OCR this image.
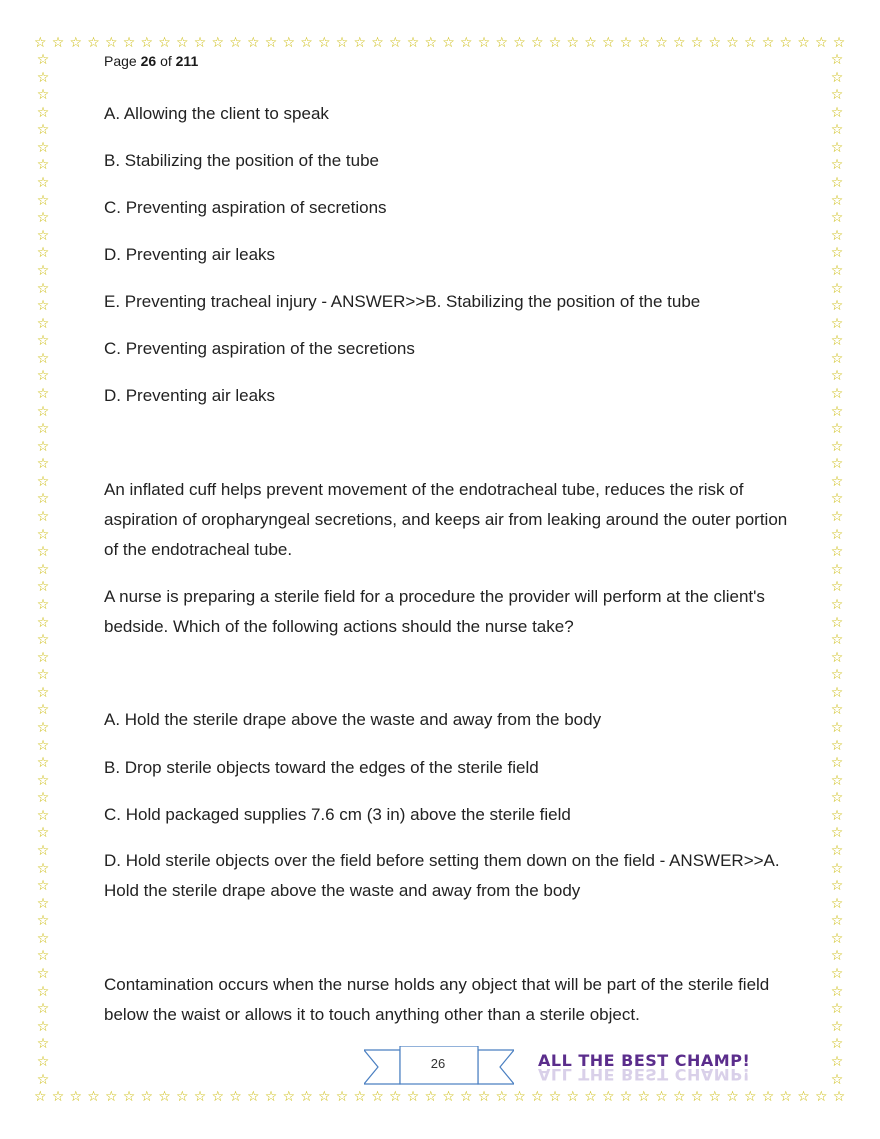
☆ ☆ ☆ ☆ ☆ ☆ ☆ ☆ ☆ ☆ ☆ ☆ ☆ ☆ ☆ ☆ ☆ ☆ ☆ ☆ ☆ ☆ ☆ ☆ ☆ ☆ ☆ ☆ ☆ ☆ ☆ ☆ ☆ ☆ ☆ ☆ ☆ ☆ ☆ ☆ ☆ ☆ ☆ ☆ ☆ ☆
☆ ☆ ☆ ☆ ☆ ☆ ☆ ☆ ☆ ☆ ☆ ☆ ☆ ☆ ☆ ☆ ☆ ☆ ☆ ☆ ☆ ☆ ☆ ☆ ☆ ☆ ☆ ☆ ☆ ☆ ☆ ☆ ☆ ☆ ☆ ☆ ☆ ☆ ☆ ☆ ☆ ☆ ☆ ☆ ☆ ☆
☆
☆
☆
☆
☆
☆
☆
☆
☆
☆
☆
☆
☆
☆
☆
☆
☆
☆
☆
☆
☆
☆
☆
☆
☆
☆
☆
☆
☆
☆
☆
☆
☆
☆
☆
☆
☆
☆
☆
☆
☆
☆
☆
☆
☆
☆
☆
☆
☆
☆
☆
☆
☆
☆
☆
☆
☆
☆
☆
☆
☆
☆
☆
☆
☆
☆
☆
☆
☆
☆
☆
☆
☆
☆
☆
☆
☆
☆
☆
☆
☆
☆
☆
☆
☆
☆
☆
☆
☆
☆
☆
☆
☆
☆
☆
☆
☆
☆
☆
☆
☆
☆
☆
☆
☆
☆
☆
☆
☆
☆
☆
☆
☆
☆
☆
☆
☆
☆
Page 26 of 211
A. Allowing the client to speak
B. Stabilizing the position of the tube
C. Preventing aspiration of secretions
D. Preventing air leaks
E. Preventing tracheal injury - ANSWER>>B. Stabilizing the position of the tube
C. Preventing aspiration of the secretions
D. Preventing air leaks
An inflated cuff helps prevent movement of the endotracheal tube, reduces the risk of aspiration of oropharyngeal secretions, and keeps air from leaking around the outer portion of the endotracheal tube.
A nurse is preparing a sterile field for a procedure the provider will perform at the client's bedside. Which of the following actions should the nurse take?
A. Hold the sterile drape above the waste and away from the body
B. Drop sterile objects toward the edges of the sterile field
C. Hold packaged supplies 7.6 cm (3 in) above the sterile field
D. Hold sterile objects over the field before setting them down on the field - ANSWER>>A. Hold the sterile drape above the waste and away from the body
Contamination occurs when the nurse holds any object that will be part of the sterile field below the waist or allows it to touch anything other than a sterile object.
26	ALL THE BEST CHAMP!
ALL THE BEST CHAMP!
